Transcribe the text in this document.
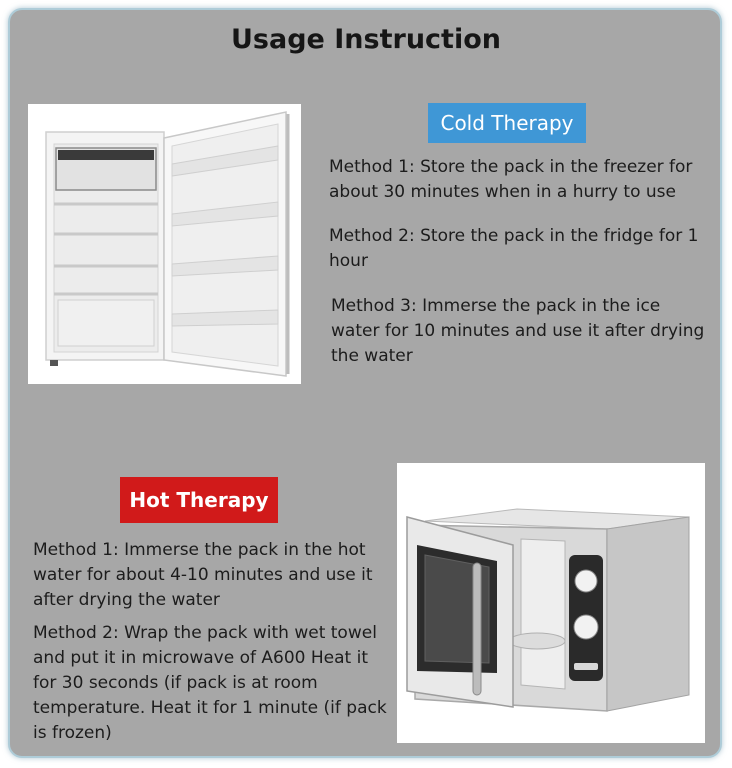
Usage Instruction
Cold Therapy
Method 1: Store the pack in the freezer for about 30 minutes when in a hurry to use
Method 2: Store the pack in the fridge for 1 hour
Method 3: Immerse the pack in the ice water for 10 minutes and use it after drying the water
Hot Therapy
Method 1: Immerse the pack in the hot water for about 4-10 minutes and use it after drying the water
Method 2: Wrap the pack with wet towel and put it in microwave of A600 Heat it for 30 seconds (if pack is at room temperature. Heat it for 1 minute (if pack is frozen)
